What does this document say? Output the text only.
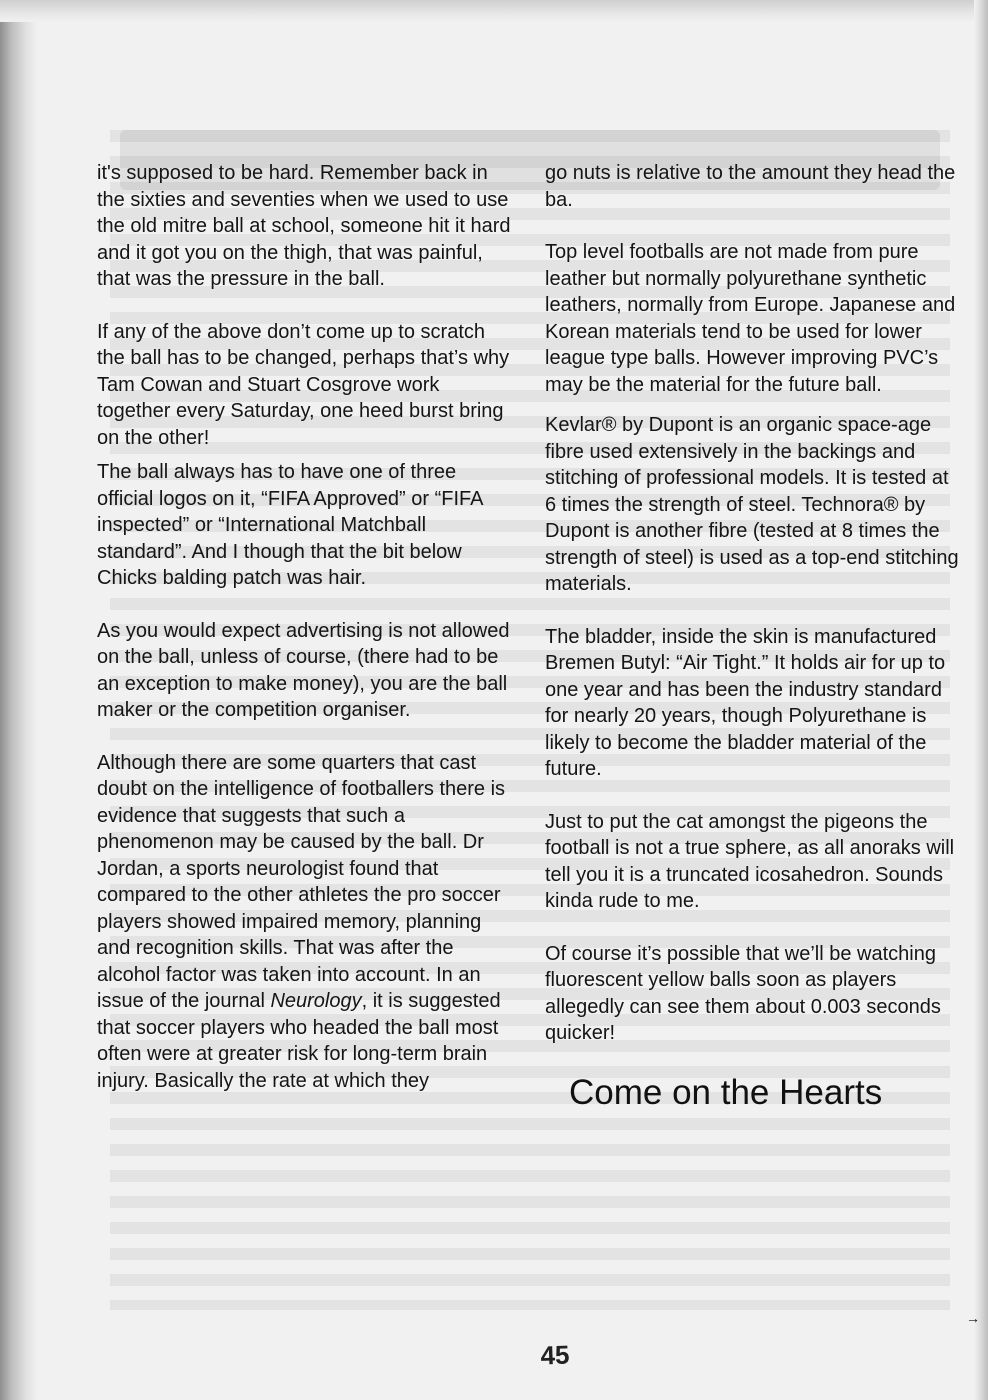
it's supposed to be hard. Remember back in the sixties and seventies when we used to use the old mitre ball at school, someone hit it hard and it got you on the thigh, that was painful, that was the pressure in the ball.

If any of the above don’t come up to scratch the ball has to be changed, perhaps that’s why Tam Cowan and Stuart Cosgrove work together every Saturday, one heed burst bring on the other!

The ball always has to have one of three official logos on it, “FIFA Approved” or “FIFA inspected” or “International Matchball standard”. And I though that the bit below Chicks balding patch was hair.

As you would expect advertising is not allowed on the ball, unless of course, (there had to be an exception to make money), you are the ball maker or the competition organiser.

Although there are some quarters that cast doubt on the intelligence of footballers there is evidence that suggests that such a phenomenon may be caused by the ball. Dr Jordan, a sports neurologist found that compared to the other athletes the pro soccer players showed impaired memory, planning and recognition skills. That was after the alcohol factor was taken into account. In an issue of the journal Neurology, it is suggested that soccer players who headed the ball most often were at greater risk for long-term brain injury. Basically the rate at which they

go nuts is relative to the amount they head the ba.

Top level footballs are not made from pure leather but normally polyurethane synthetic leathers, normally from Europe. Japanese and Korean materials tend to be used for lower league type balls. However improving PVC’s may be the material for the future ball.

Kevlar® by Dupont is an organic space-age fibre used extensively in the backings and stitching of professional models. It is tested at 6 times the strength of steel. Technora® by Dupont is another fibre (tested at 8 times the strength of steel) is used as a top-end stitching materials.

The bladder, inside the skin is manufactured Bremen Butyl: “Air Tight.” It holds air for up to one year and has been the industry standard for nearly 20 years, though Polyurethane is likely to become the bladder material of the future.

Just to put the cat amongst the pigeons the football is not a true sphere, as all anoraks will tell you it is a truncated icosahedron. Sounds kinda rude to me.

Of course it’s possible that we’ll be watching fluorescent yellow balls soon as players allegedly can see them about 0.003 seconds quicker!

Come on the Hearts
45
→
